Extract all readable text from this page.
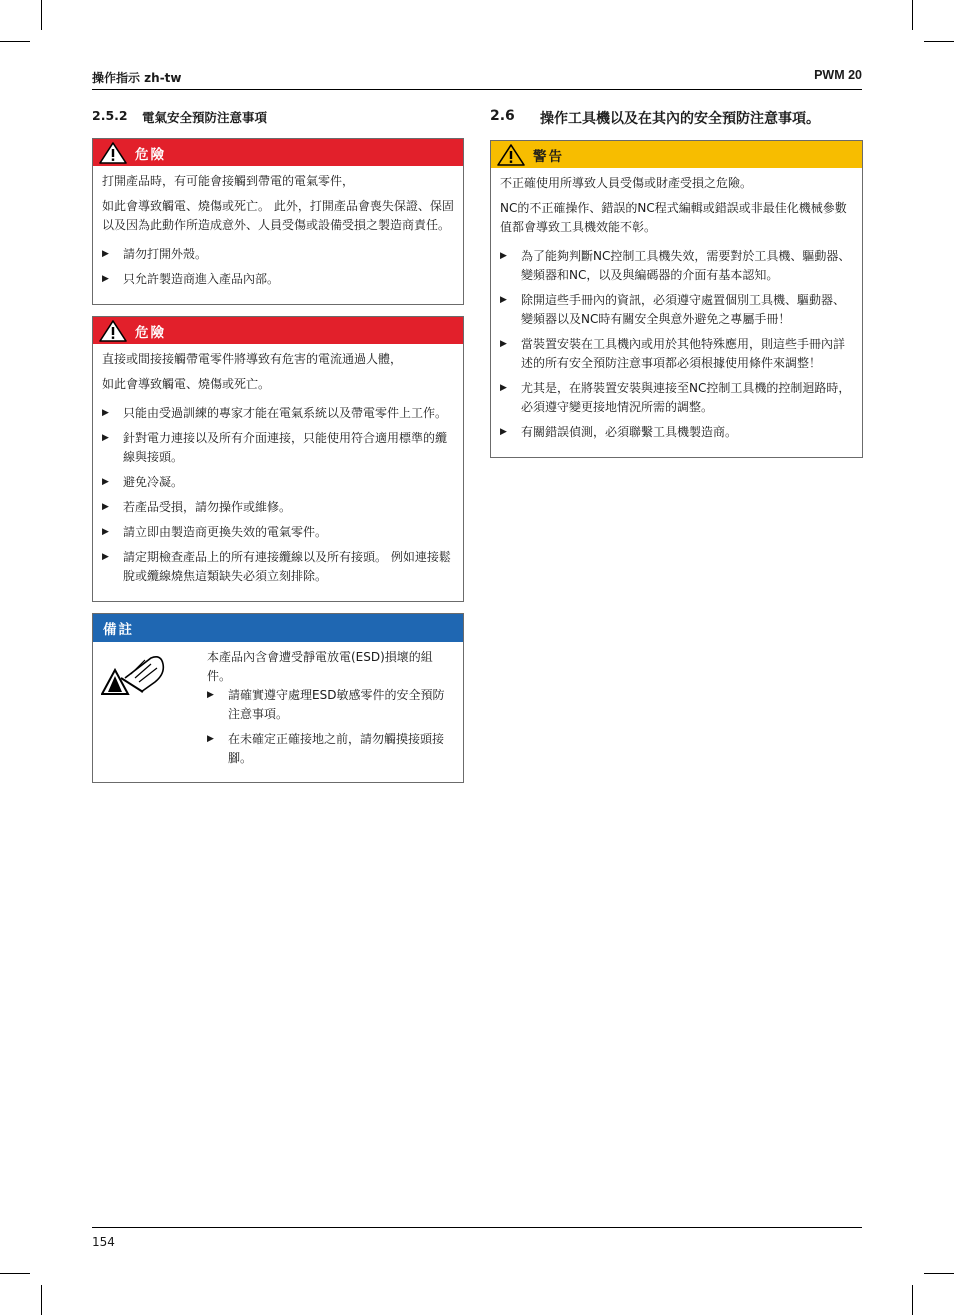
操作指示 zh-tw	PWM 20
2.5.2	電氣安全預防注意事項
危險

打開產品時，有可能會接觸到帶電的電氣零件，

如此會導致觸電、燒傷或死亡。 此外，打開產品會喪失保證、保固以及因為此動作所造成意外、人員受傷或設備受損之製造商責任。

▶ 請勿打開外殼。
▶ 只允許製造商進入產品內部。
危險

直接或間接接觸帶電零件將導致有危害的電流通過人體，

如此會導致觸電、燒傷或死亡。

▶ 只能由受過訓練的專家才能在電氣系統以及帶電零件上工作。
▶ 針對電力連接以及所有介面連接，只能使用符合適用標準的纜線與接頭。
▶ 避免冷凝。
▶ 若產品受損，請勿操作或維修。
▶ 請立即由製造商更換失效的電氣零件。
▶ 請定期檢查產品上的所有連接纜線以及所有接頭。 例如連接鬆脫或纜線燒焦這類缺失必須立刻排除。
備註

本產品內含會遭受靜電放電(ESD)損壞的組件。

▶ 請確實遵守處理ESD敏感零件的安全預防注意事項。
▶ 在未確定正確接地之前，請勿觸摸接頭接腳。
2.6	操作工具機以及在其內的安全預防注意事項。
警告

不正確使用所導致人員受傷或財產受損之危險。

NC的不正確操作、錯誤的NC程式編輯或錯誤或非最佳化機械參數值都會導致工具機效能不彰。

▶ 為了能夠判斷NC控制工具機失效，需要對於工具機、驅動器、變頻器和NC，以及與編碼器的介面有基本認知。
▶ 除開這些手冊內的資訊，必須遵守處置個別工具機、驅動器、變頻器以及NC時有關安全與意外避免之專屬手冊！
▶ 當裝置安裝在工具機內或用於其他特殊應用，則這些手冊內詳述的所有安全預防注意事項都必須根據使用條件來調整！
▶ 尤其是，在將裝置安裝與連接至NC控制工具機的控制迴路時，必須遵守變更接地情況所需的調整。
▶ 有關錯誤偵測，必須聯繫工具機製造商。
154
